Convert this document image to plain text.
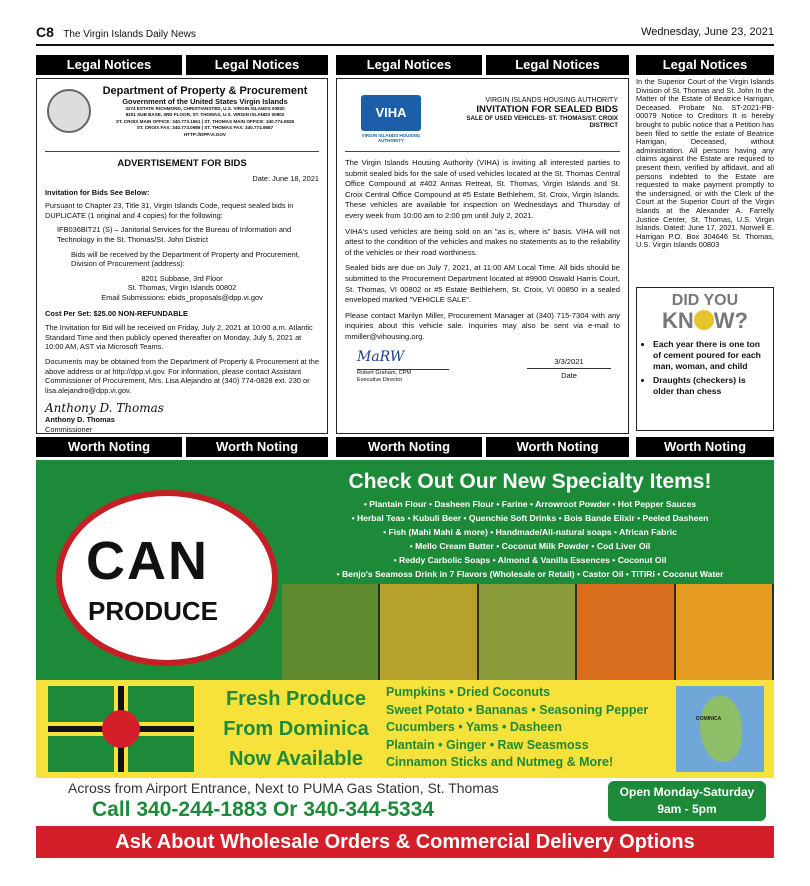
C8 The Virgin Islands Daily News	Wednesday, June 23, 2021
Legal Notices	Legal Notices	Legal Notices	Legal Notices	Legal Notices
Department of Property & Procurement
Government of the United States Virgin Islands
3274 ESTATE RICHMOND, CHRISTIANSTED, U.S. VIRGIN ISLANDS 00820
8201 SUB BASE, 3RD FLOOR, ST. THOMAS, U.S. VIRGIN ISLANDS 00802
ST. CROIX MAIN OFFICE: 340.773.1561 | ST. THOMAS MAIN OFFICE: 340.774.0828
ST. CROIX FAX: 340.773.0986 | ST. THOMAS FAX: 340.774.9587
HTTP://DPP.VI.GOV
ADVERTISEMENT FOR BIDS
Date: June 18, 2021
Invitation for Bids See Below:

Pursuant to Chapter 23, Title 31, Virgin Islands Code, request sealed bids in DUPLICATE (1 original and 4 copies) for the following:

IFB036BIT21 (S) – Janitorial Services for the Bureau of Information and Technology in the St. Thomas/St. John District

Bids will be received by the Department of Property and Procurement, Division of Procurement (address):

8201 Subbase, 3rd Floor
St. Thomas, Virgin Islands 00802
Email Submissions: ebids_proposals@dpp.vi.gov

Cost Per Set: $25.00 NON-REFUNDABLE

The Invitation for Bid will be received on Friday, July 2, 2021 at 10:00 a.m. Atlantic Standard Time and then publicly opened thereafter on Monday, July 5, 2021 at 10:00 AM, AST via Microsoft Teams.

Documents may be obtained from the Department of Property & Procurement at the above address or at http://dpp.vi.gov. For information, please contact Assistant Commissioner of Procurement, Mrs. Lisa Alejandro at (340) 774-0828 ext. 230 or lisa.alejandro@dpp.vi.gov.

Anthony D. Thomas
Anthony D. Thomas
Commissioner
VIHA
VIRGIN ISLANDS HOUSING AUTHORITY
VIRGIN ISLANDS HOUSING AUTHORITY
INVITATION FOR SEALED BIDS
SALE OF USED VEHICLES- ST. THOMAS/ST. CROIX
DISTRICT

The Virgin Islands Housing Authority (VIHA) is inviting all interested parties to submit sealed bids for the sale of used vehicles located at the St. Thomas Central Office Compound at #402 Annas Retreat, St. Thomas, Virgin Islands and St. Croix Central Office Compound at #5 Estate Bethlehem, St. Croix, Virgin Islands. These vehicles are available for inspection on Wednesdays and Thursday of every week from 10:00 am to 2:00 pm until July 2, 2021.

VIHA's used vehicles are being sold on an "as is, where is" basis. VIHA will not attest to the condition of the vehicles and makes no statements as to the reliability of the vehicles or their road worthiness.

Sealed bids are due on July 7, 2021, at 11:00 AM Local Time. All bids should be submitted to the Procurement Department located at #9900 Oswald Harris Court, St. Thomas, VI 00802 or #5 Estate Bethlehem, St. Croix, VI 00850 in a sealed enveloped marked "VEHICLE SALE".

Please contact Marilyn Miller, Procurement Manager at (340) 715-7304 with any inquiries about this vehicle sale. Inquiries may also be sent via e-mail to mmiller@vihousing.org.

MaRW
Robert Graham, CPM
Executive Director
3/3/2021
Date
In the Superior Court of the Virgin Islands Division of St. Thomas and St. John In the Matter of the Estate of Beatrice Harrigan, Deceased. Probate No. ST-2021-PB-00079 Notice to Creditors It is hereby brought to public notice that a Petition has been filed to settle the estate of Beatrice Harrigan, Deceased, without administration. All persons having any claims against the Estate are required to present them, verified by affidavit, and all persons indebted to the Estate are requested to make payment promptly to the undersigned, or with the Clerk of the Court at the Superior Court of the Virgin Islands at the Alexander A. Farrelly Justice Center, St. Thomas, U.S. Virgin Islands. Dated: June 17, 2021. Norwell E. Harrigan P.O. Box 304646 St. Thomas, U.S. Virgin Islands 00803
DID YOU
KN W?
• Each year there is one ton of cement poured for each man, woman, and child
• Draughts (checkers) is older than chess
Worth Noting	Worth Noting	Worth Noting	Worth Noting	Worth Noting
Check Out Our New Specialty Items!
• Plantain Flour • Dasheen Flour • Farine • Arrowroot Powder • Hot Pepper Sauces
• Herbal Teas • Kubuli Beer • Quenchie Soft Drinks • Bois Bande Elixir • Peeled Dasheen
• Fish (Mahi Mahi & more) • Handmade/All-natural soaps • African Fabric
• Mello Cream Butter • Coconut Milk Powder • Cod Liver Oil
• Reddy Carbolic Soaps • Almond & Vanilla Essences • Coconut Oil
• Benjo's Seamoss Drink in 7 Flavors (Wholesale or Retail) • Castor Oil • TiTiRi • Coconut Water
CAN
PRODUCE
Fresh Produce
From Dominica
Now Available
Pumpkins • Dried Coconuts
Sweet Potato • Bananas • Seasoning Pepper
Cucumbers • Yams • Dasheen
Plantain • Ginger • Raw Seasmoss
Cinnamon Sticks and Nutmeg & More!
DOMINICA
Across from Airport Entrance, Next to PUMA Gas Station, St. Thomas
Call 340-244-1883 Or 340-344-5334
Open Monday-Saturday
9am - 5pm
Ask About Wholesale Orders & Commercial Delivery Options
